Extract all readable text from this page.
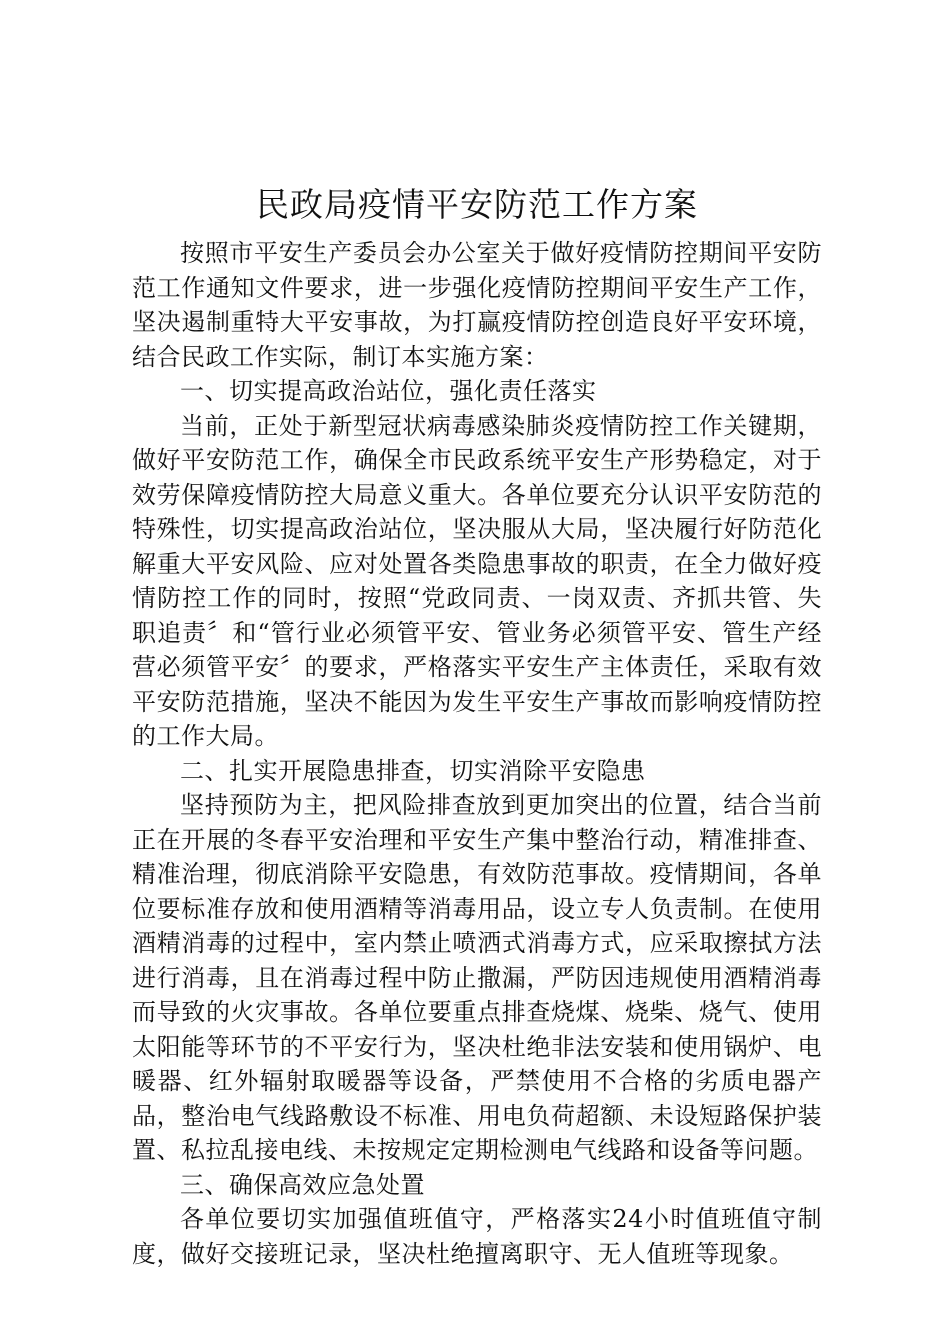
民政局疫情平安防范工作方案

按照市平安生产委员会办公室关于做好疫情防控期间平安防范工作通知文件要求，进一步强化疫情防控期间平安生产工作，坚决遏制重特大平安事故，为打赢疫情防控创造良好平安环境，结合民政工作实际，制订本实施方案：

一、切实提高政治站位，强化责任落实

当前，正处于新型冠状病毒感染肺炎疫情防控工作关键期，做好平安防范工作，确保全市民政系统平安生产形势稳定，对于效劳保障疫情防控大局意义重大。各单位要充分认识平安防范的特殊性，切实提高政治站位，坚决服从大局，坚决履行好防范化解重大平安风险、应对处置各类隐患事故的职责，在全力做好疫情防控工作的同时，按照“党政同责、一岗双责、齐抓共管、失职追责〞和“管行业必须管平安、管业务必须管平安、管生产经营必须管平安〞的要求，严格落实平安生产主体责任，采取有效平安防范措施，坚决不能因为发生平安生产事故而影响疫情防控的工作大局。

二、扎实开展隐患排查，切实消除平安隐患

坚持预防为主，把风险排查放到更加突出的位置，结合当前正在开展的冬春平安治理和平安生产集中整治行动，精准排查、精准治理，彻底消除平安隐患，有效防范事故。疫情期间，各单位要标准存放和使用酒精等消毒用品，设立专人负责制。在使用酒精消毒的过程中，室内禁止喷洒式消毒方式，应采取擦拭方法进行消毒，且在消毒过程中防止撒漏，严防因违规使用酒精消毒而导致的火灾事故。各单位要重点排查烧煤、烧柴、烧气、使用太阳能等环节的不平安行为，坚决杜绝非法安装和使用锅炉、电暖器、红外辐射取暖器等设备，严禁使用不合格的劣质电器产品，整治电气线路敷设不标准、用电负荷超额、未设短路保护装置、私拉乱接电线、未按规定定期检测电气线路和设备等问题。

三、确保高效应急处置

各单位要切实加强值班值守，严格落实24小时值班值守制度，做好交接班记录，坚决杜绝擅离职守、无人值班等现象。
